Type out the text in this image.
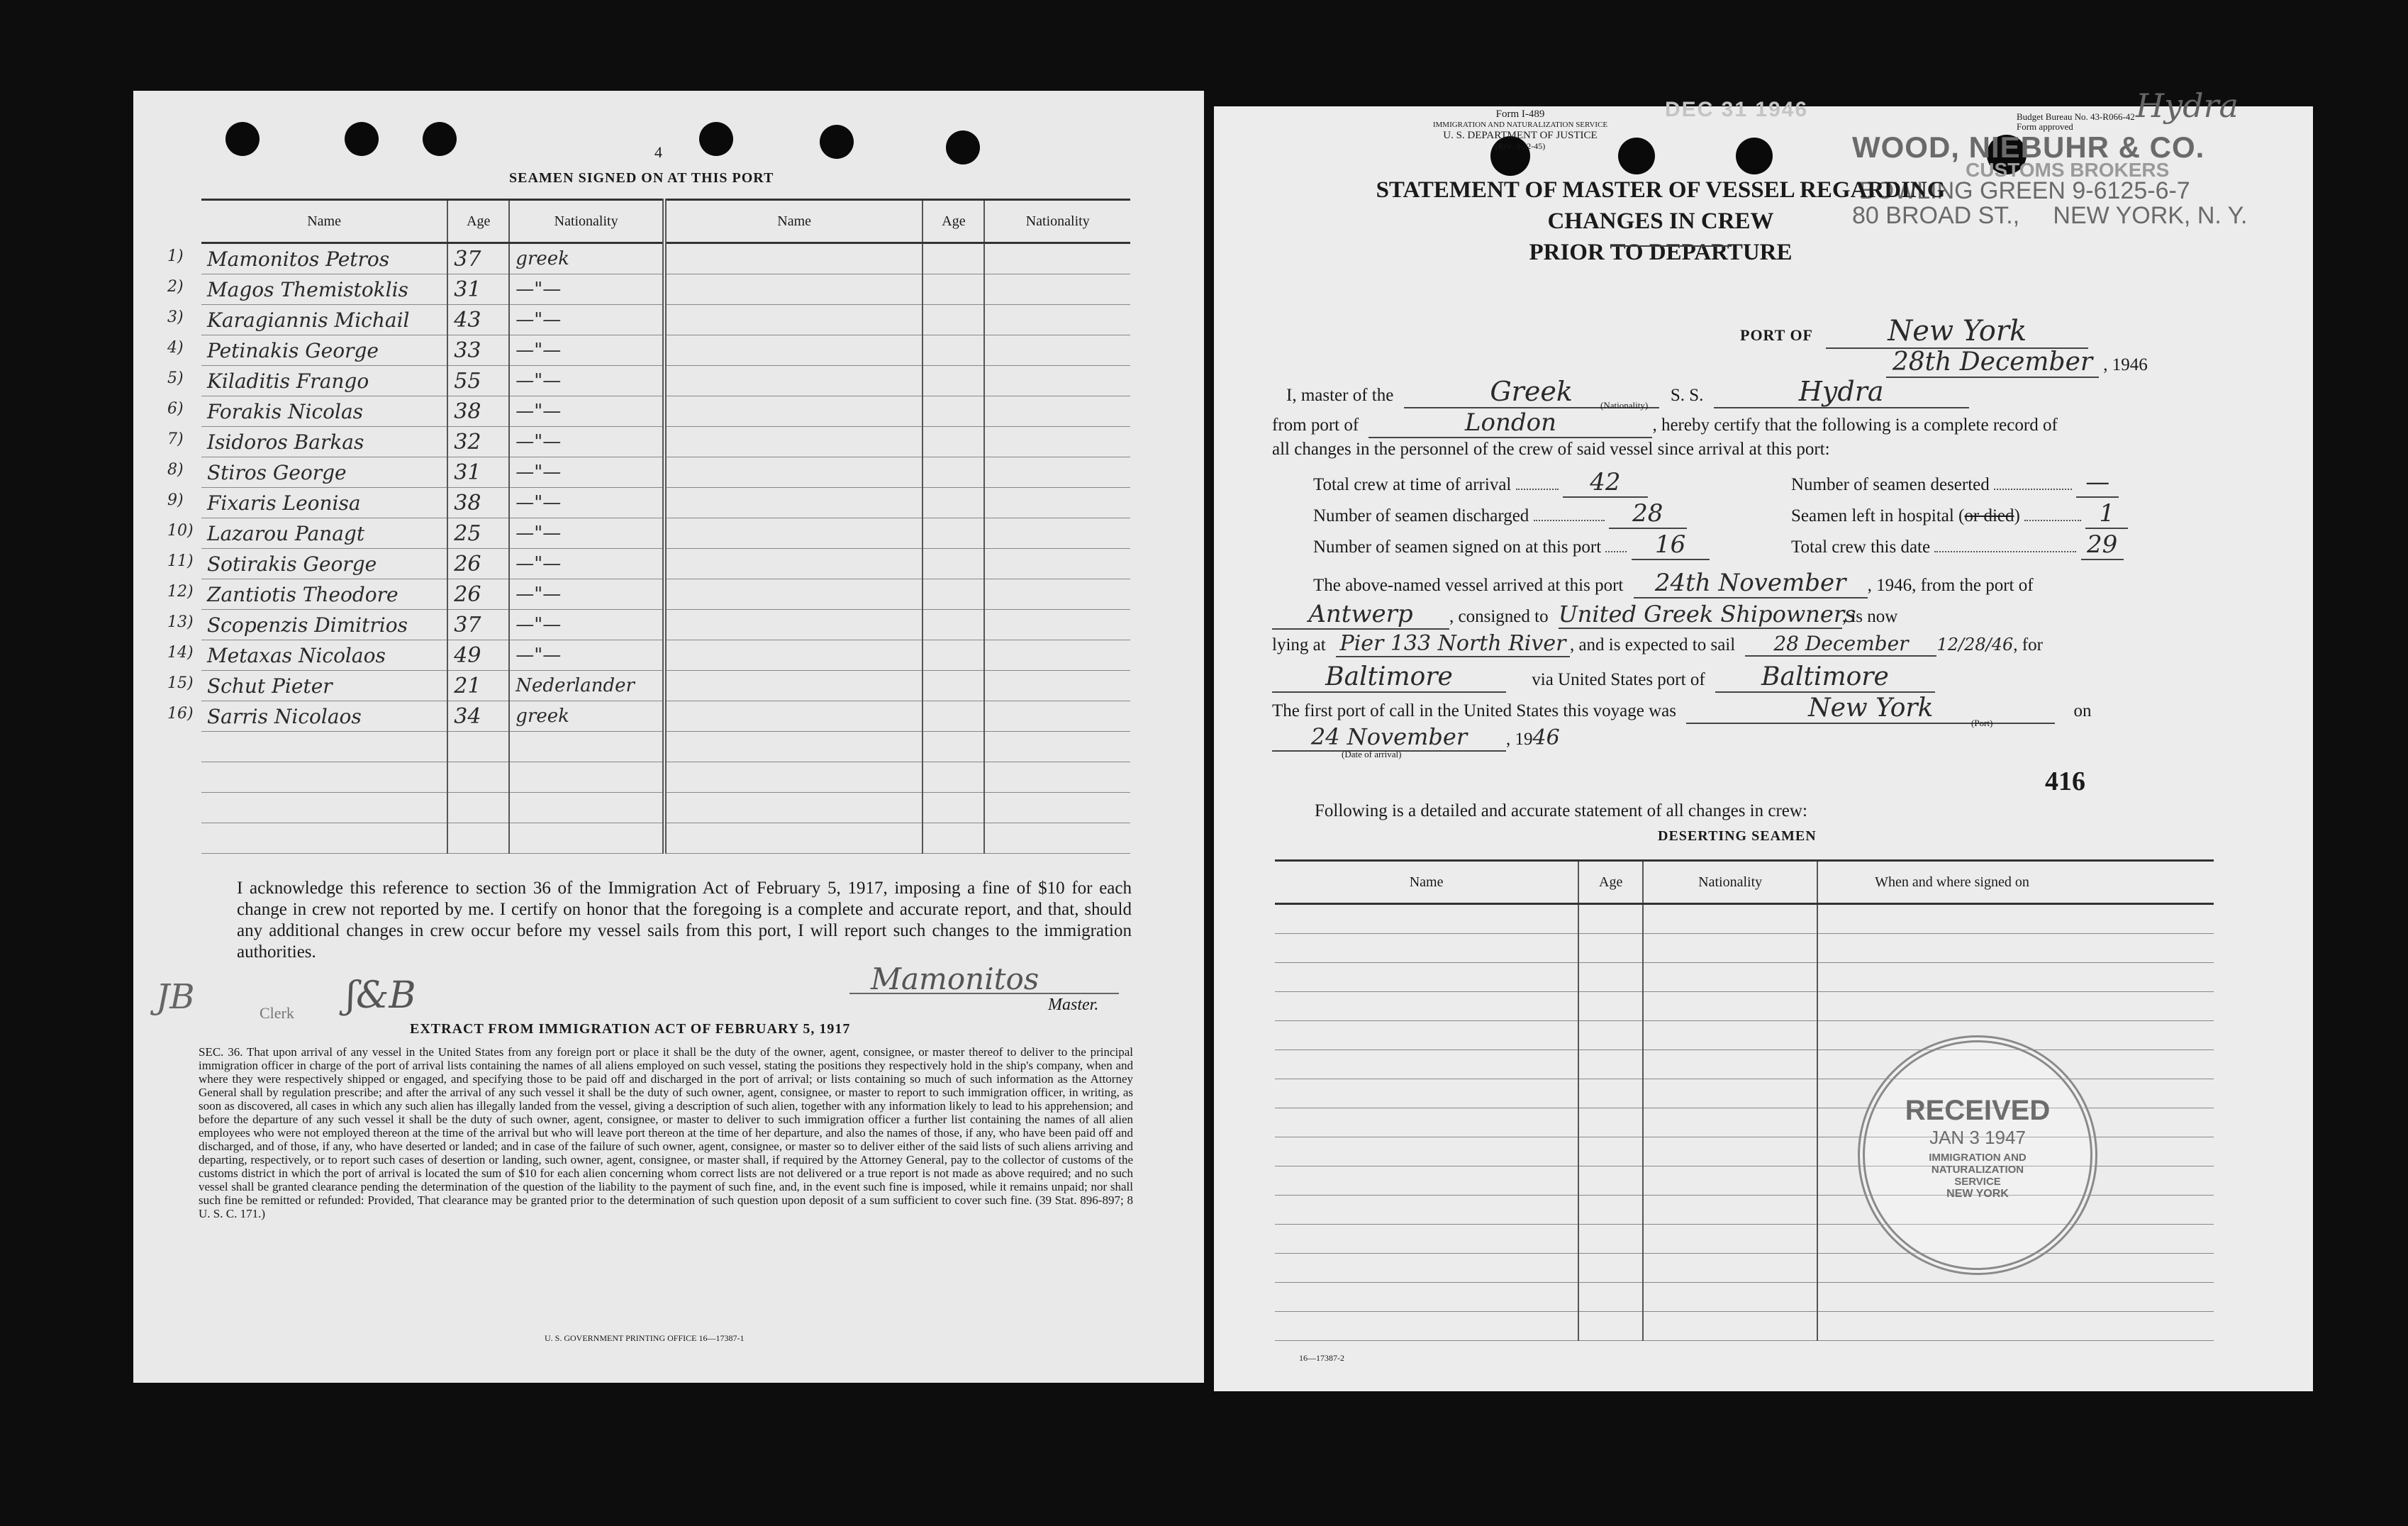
4
SEAMEN SIGNED ON AT THIS PORT
Name	Age	Nationality	Name	Age	Nationality

1) Mamonitos Petros	37	greek			

2) Magos Themistoklis	31	—"—			

3) Karagiannis Michail	43	—"—			

4) Petinakis George	33	—"—			

5) Kiladitis Frango	55	—"—			

6) Forakis Nicolas	38	—"—			

7) Isidoros Barkas	32	—"—			

8) Stiros George	31	—"—			

9) Fixaris Leonisa	38	—"—			

10) Lazarou Panagt	25	—"—			

11) Sotirakis George	26	—"—			

12) Zantiotis Theodore	26	—"—			

13) Scopenzis Dimitrios	37	—"—			

14) Metaxas Nicolaos	49	—"—			

15) Schut Pieter	21	Nederlander			

16) Sarris Nicolaos	34	greek			

I acknowledge this reference to section 36 of the Immigration Act of February 5, 1917, imposing a fine of $10 for each change in crew not reported by me. I certify on honor that the foregoing is a complete and accurate report, and that, should any additional changes in crew occur before my vessel sails from this port, I will report such changes to the immigration authorities.
Mamonitos
Master.
JB	Clerk ʃ&B
EXTRACT FROM IMMIGRATION ACT OF FEBRUARY 5, 1917
SEC. 36. That upon arrival of any vessel in the United States from any foreign port or place it shall be the duty of the owner, agent, consignee, or master thereof to deliver to the principal immigration officer in charge of the port of arrival lists containing the names of all aliens employed on such vessel, stating the positions they respectively hold in the ship's company, when and where they were respectively shipped or engaged, and specifying those to be paid off and discharged in the port of arrival; or lists containing so much of such information as the Attorney General shall by regulation prescribe; and after the arrival of any such vessel it shall be the duty of such owner, agent, consignee, or master to report to such immigration officer, in writing, as soon as discovered, all cases in which any such alien has illegally landed from the vessel, giving a description of such alien, together with any information likely to lead to his apprehension; and before the departure of any such vessel it shall be the duty of such owner, agent, consignee, or master to deliver to such immigration officer a further list containing the names of all alien employees who were not employed thereon at the time of the arrival but who will leave port thereon at the time of her departure, and also the names of those, if any, who have been paid off and discharged, and of those, if any, who have deserted or landed; and in case of the failure of such owner, agent, consignee, or master so to deliver either of the said lists of such aliens arriving and departing, respectively, or to report such cases of desertion or landing, such owner, agent, consignee, or master shall, if required by the Attorney General, pay to the collector of customs of the customs district in which the port of arrival is located the sum of $10 for each alien concerning whom correct lists are not delivered or a true report is not made as above required; and no such vessel shall be granted clearance pending the determination of the question of the liability to the payment of such fine, and, in the event such fine is imposed, while it remains unpaid; nor shall such fine be remitted or refunded: Provided, That clearance may be granted prior to the determination of such question upon deposit of a sum sufficient to cover such fine. (39 Stat. 896-897; 8 U. S. C. 171.)
U. S. GOVERNMENT PRINTING OFFICE 16—17387-1
Form I-489
IMMIGRATION AND NATURALIZATION SERVICE
U. S. DEPARTMENT OF JUSTICE
(Rev. 3-22-45)
Budget Bureau No. 43-R066-42
Form approved
DEC 31 1946	Hydra
WOOD, NIEBUHR & CO.
CUSTOMS BROKERS
BOWLING GREEN 9-6125-6-7
80 BROAD ST.,     NEW YORK, N. Y.
STATEMENT OF MASTER OF VESSEL REGARDING CHANGES IN CREW
PRIOR TO DEPARTURE
PORT OF	New York
28th December , 1946
I, master of the	Greek	S. S.	Hydra
(Nationality)
from port of	London	, hereby certify that the following is a complete record of
all changes in the personnel of the crew of said vessel since arrival at this port:
Total crew at time of arrival	42	Number of seamen deserted	—
Number of seamen discharged	28	Seamen left in hospital (or died)	1
Number of seamen signed on at this port 16	Total crew this date	29
The above-named vessel arrived at this port 24th November , 1946, from the port of
Antwerp , consigned to United Greek Shipowners, is now
lying at Pier 133 North River , and is expected to sail 28 December 12/28/46, for
Baltimore	via United States port of Baltimore
The first port of call in the United States this voyage was	New York	on
(Port)
24 November , 1946
(Date of arrival)
416
Following is a detailed and accurate statement of all changes in crew:
DESERTING SEAMEN
Name	Age	Nationality	When and where signed on

RECEIVED
JAN 3 1947
IMMIGRATION AND NATURALIZATION SERVICE
NEW YORK
16—17387-2
